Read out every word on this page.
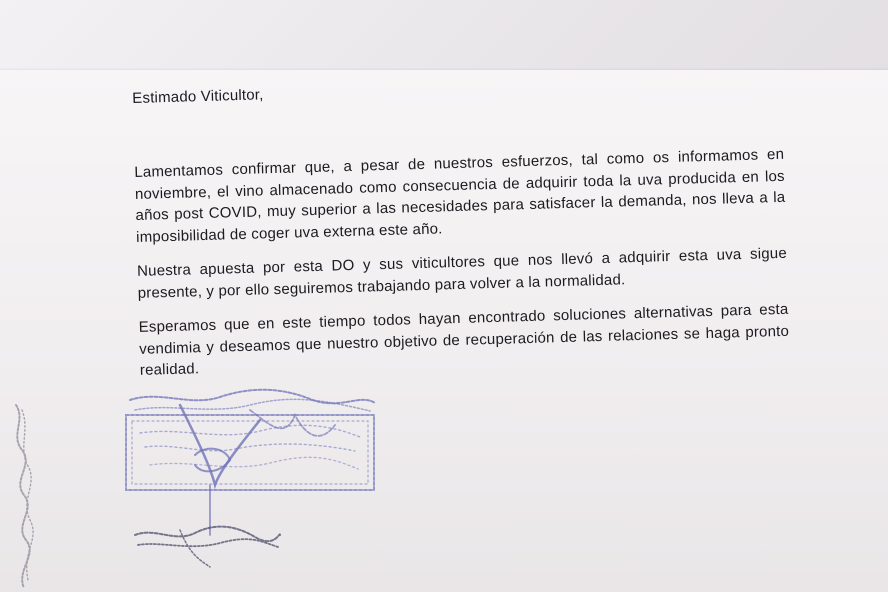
Estimado Viticultor,

Lamentamos confirmar que, a pesar de nuestros esfuerzos, tal como os informamos en noviembre, el vino almacenado como consecuencia de adquirir toda la uva producida en los años post COVID, muy superior a las necesidades para satisfacer la demanda, nos lleva a la imposibilidad de coger uva externa este año.

Nuestra apuesta por esta DO y sus viticultores que nos llevó a adquirir esta uva sigue presente, y por ello seguiremos trabajando para volver a la normalidad.

Esperamos que en este tiempo todos hayan encontrado soluciones alternativas para esta vendimia y deseamos que nuestro objetivo de recuperación de las relaciones se haga pronto realidad.
